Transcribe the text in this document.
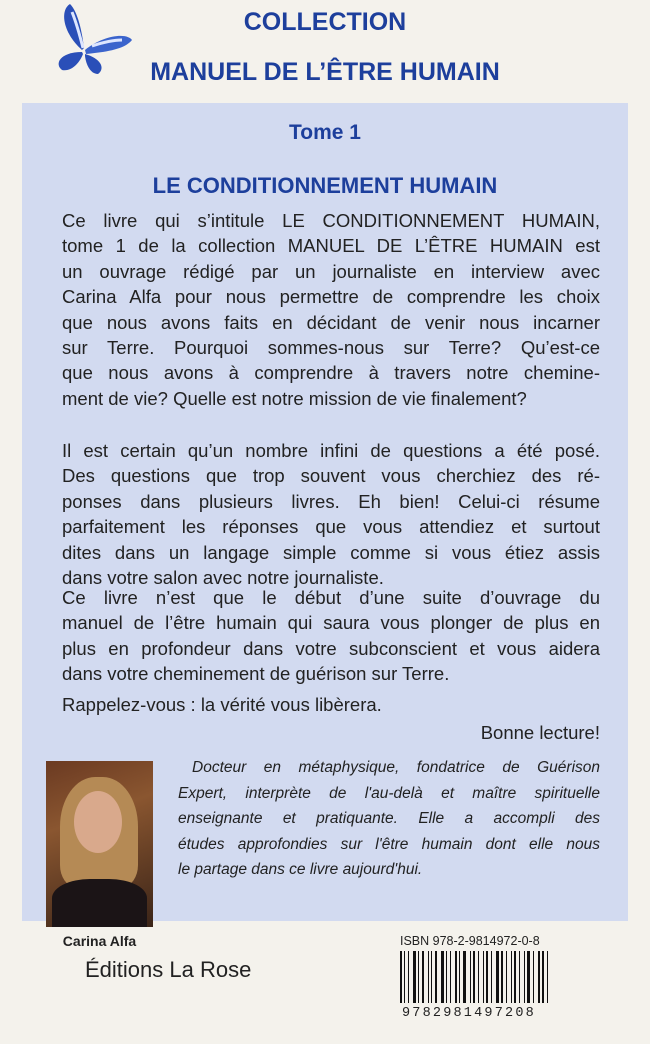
COLLECTION
MANUEL DE L’ÊTRE HUMAIN
Tome 1
LE CONDITIONNEMENT HUMAIN
Ce livre qui s’intitule LE CONDITIONNEMENT HUMAIN,
tome 1 de la collection MANUEL DE L’ÊTRE HUMAIN est
un ouvrage rédigé par un journaliste en interview avec
Carina Alfa pour nous permettre de comprendre les choix
que nous avons faits en décidant de venir nous incarner
sur Terre. Pourquoi sommes-nous sur Terre? Qu’est-ce
que nous avons à comprendre à travers notre chemine-
ment de vie? Quelle est notre mission de vie finalement?
Il est certain qu’un nombre infini de questions a été posé.
Des questions que trop souvent vous cherchiez des ré-
ponses dans plusieurs livres. Eh bien! Celui-ci résume
parfaitement les réponses que vous attendiez et surtout
dites dans un langage simple comme si vous étiez assis
dans votre salon avec notre journaliste.
Ce livre n’est que le début d’une suite d’ouvrage du
manuel de l’être humain qui saura vous plonger de plus en
plus en profondeur dans votre subconscient et vous aidera
dans votre cheminement de guérison sur Terre.
Rappelez-vous : la vérité vous libèrera.
Bonne lecture!
Carina Alfa
Docteur en métaphysique, fondatrice de Guérison
Expert, interprète de l'au-delà et maître spirituelle
enseignante et pratiquante. Elle a accompli des
études approfondies sur l'être humain dont elle nous
le partage dans ce livre aujourd'hui.
Éditions La Rose
ISBN 978-2-9814972-0-8
9782981497208
